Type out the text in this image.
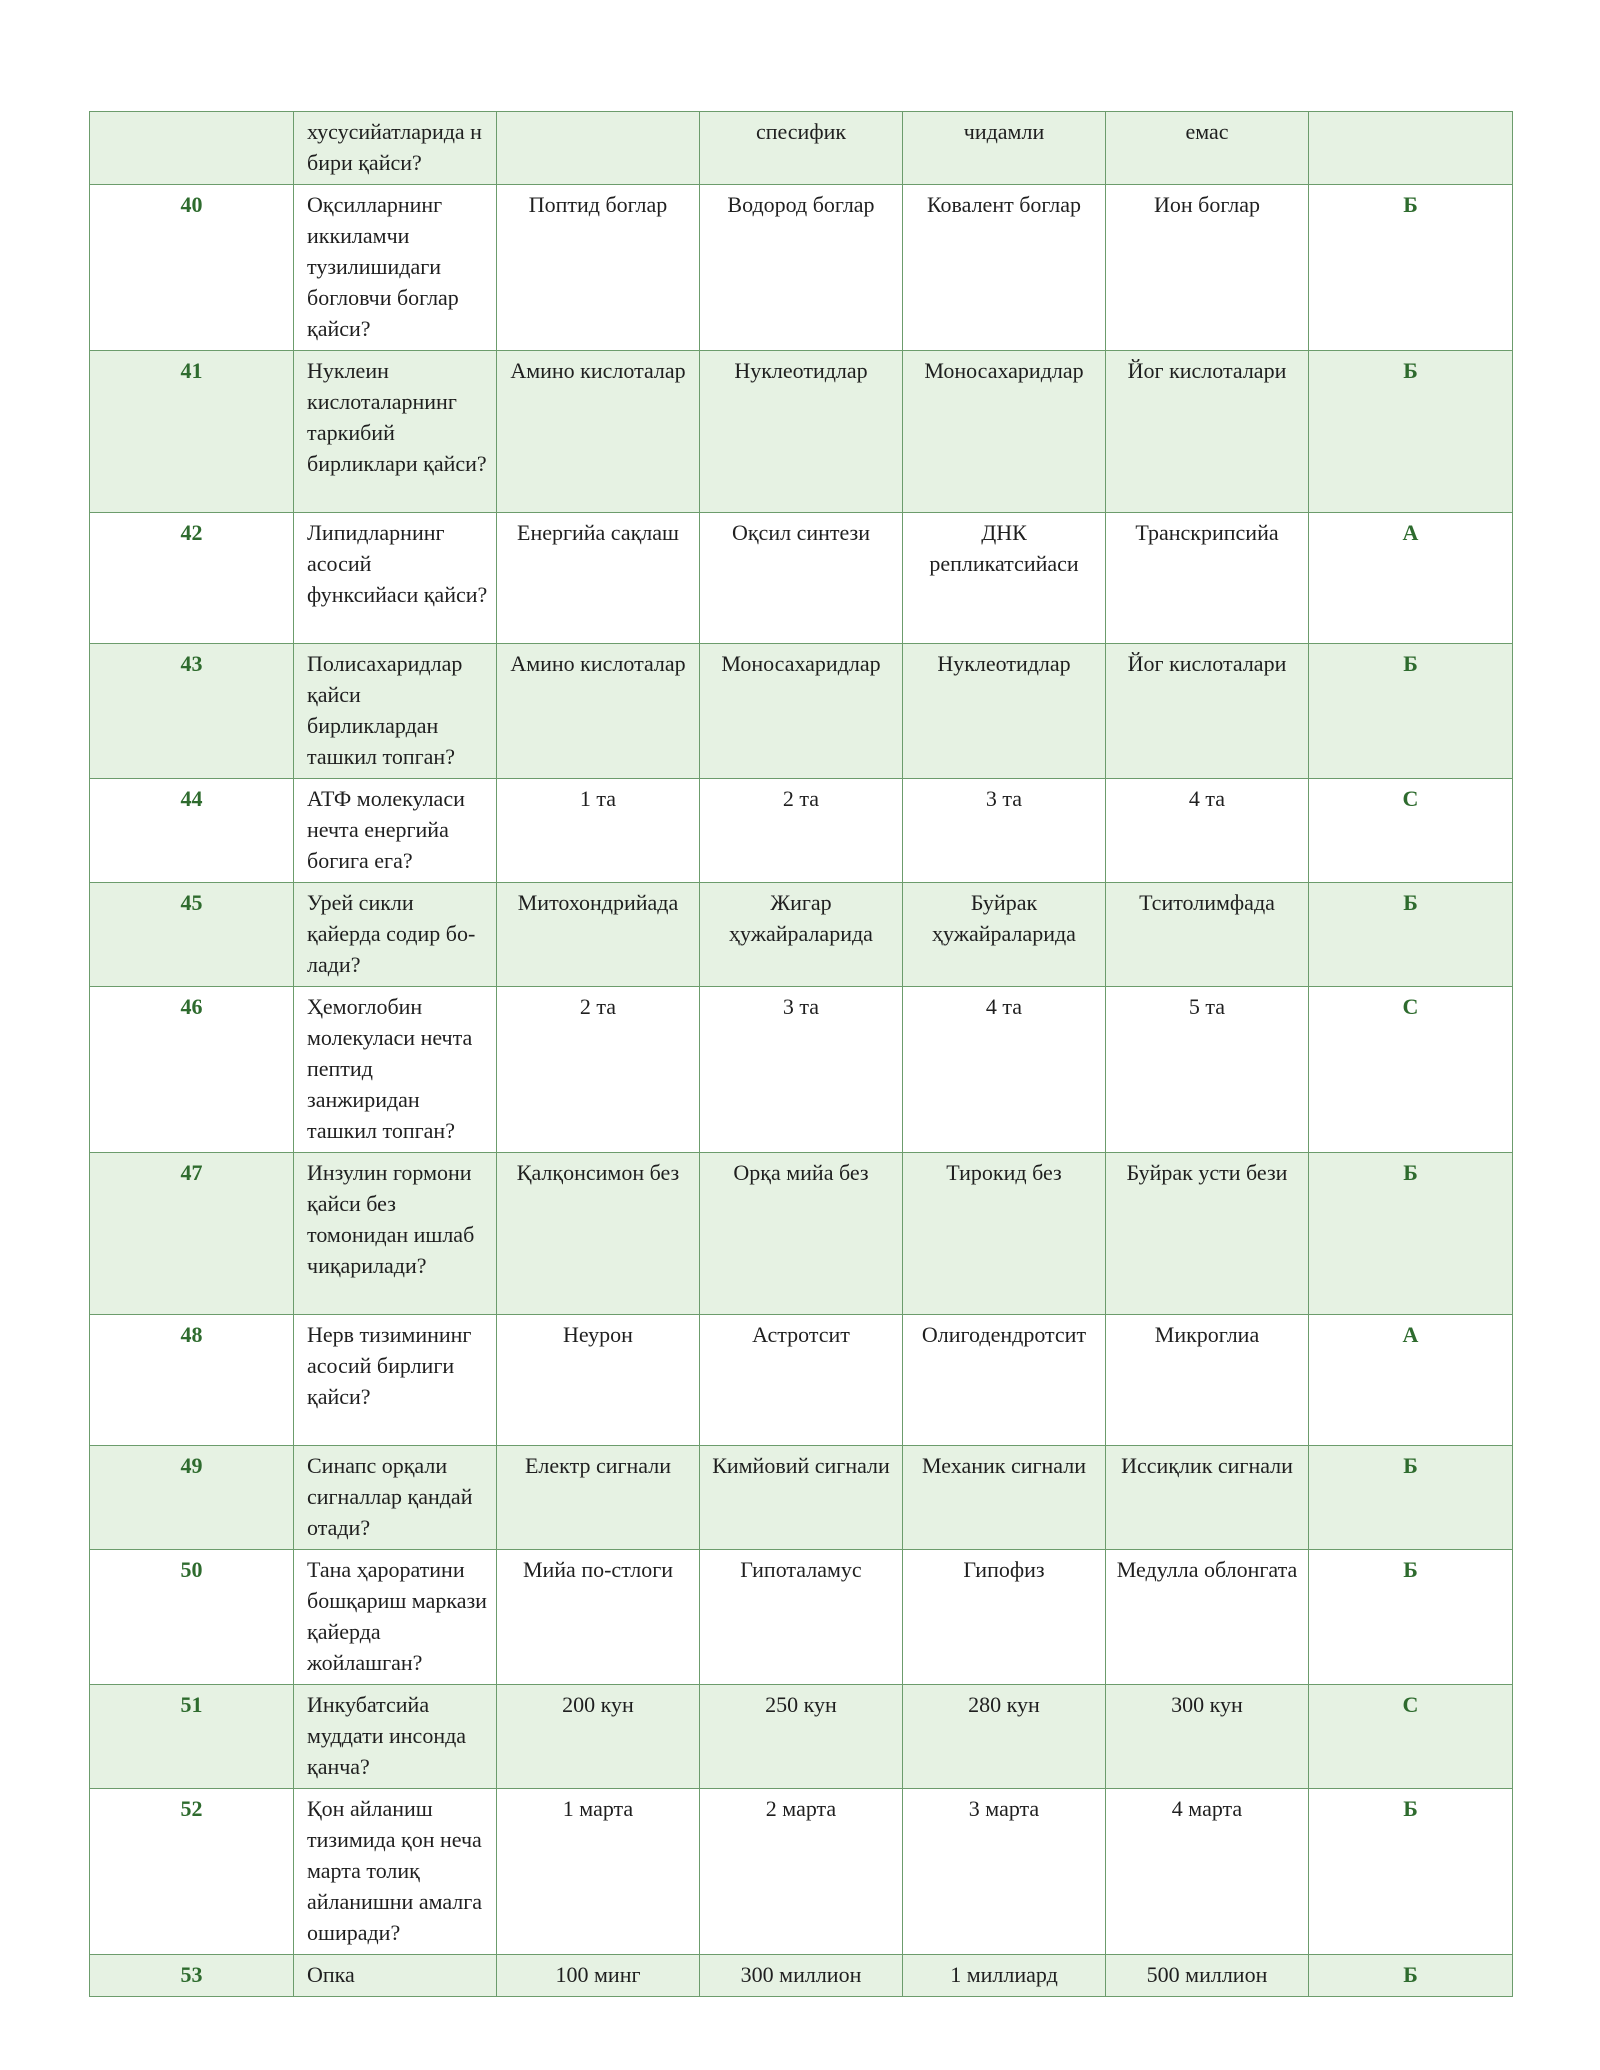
	хусусийатларида н бири қайси?		спесифик	чидамли	емас	
40	Оқсилларнинг иккиламчи тузилишидаги богловчи боглар қайси?	Поптид боглар	Водород боглар	Ковалент боглар	Ион боглар	Б
41	Нуклеин кислоталарнинг таркибий бирликлари қайси?	Амино кислоталар	Нуклеотидлар	Моносахаридлар	Йог кислоталари	Б
42	Липидларнинг асосий функсийаси қайси?	Енергийа сақлаш	Оқсил синтези	ДНК репликатсийаси	Транскрипсийа	А
43	Полисахаридлар қайси бирликлардан ташкил топган?	Амино кислоталар	Моносахаридлар	Нуклеотидлар	Йог кислоталари	Б
44	АТФ молекуласи нечта енергийа богига ега?	1 та	2 та	3 та	4 та	С
45	Урей сикли қайерда содир бо-лади?	Митохондрийада	Жигар ҳужайраларида	Буйрак ҳужайраларида	Тситолимфада	Б
46	Ҳемоглобин молекуласи нечта пептид занжиридан ташкил топган?	2 та	3 та	4 та	5 та	С
47	Инзулин гормони қайси без томонидан ишлаб чиқарилади?	Қалқонсимон без	Орқа мийа без	Тирокид без	Буйрак усти бези	Б
48	Нерв тизимининг асосий бирлиги қайси?	Неурон	Астротсит	Олигодендротсит	Микроглиа	А
49	Синапс орқали сигналлар қандай отади?	Електр сигнали	Кимйовий сигнали	Механик сигнали	Иссиқлик сигнали	Б
50	Тана ҳароратини бошқариш маркази қайерда жойлашган?	Мийа по-стлоги	Гипоталамус	Гипофиз	Медулла облонгата	Б
51	Инкубатсийа муддати инсонда қанча?	200 кун	250 кун	280 кун	300 кун	С
52	Қон айланиш тизимида қон неча марта толиқ айланишни амалга оширади?	1 марта	2 марта	3 марта	4 марта	Б
53	Опка	100 минг	300 миллион	1 миллиард	500 миллион	Б
